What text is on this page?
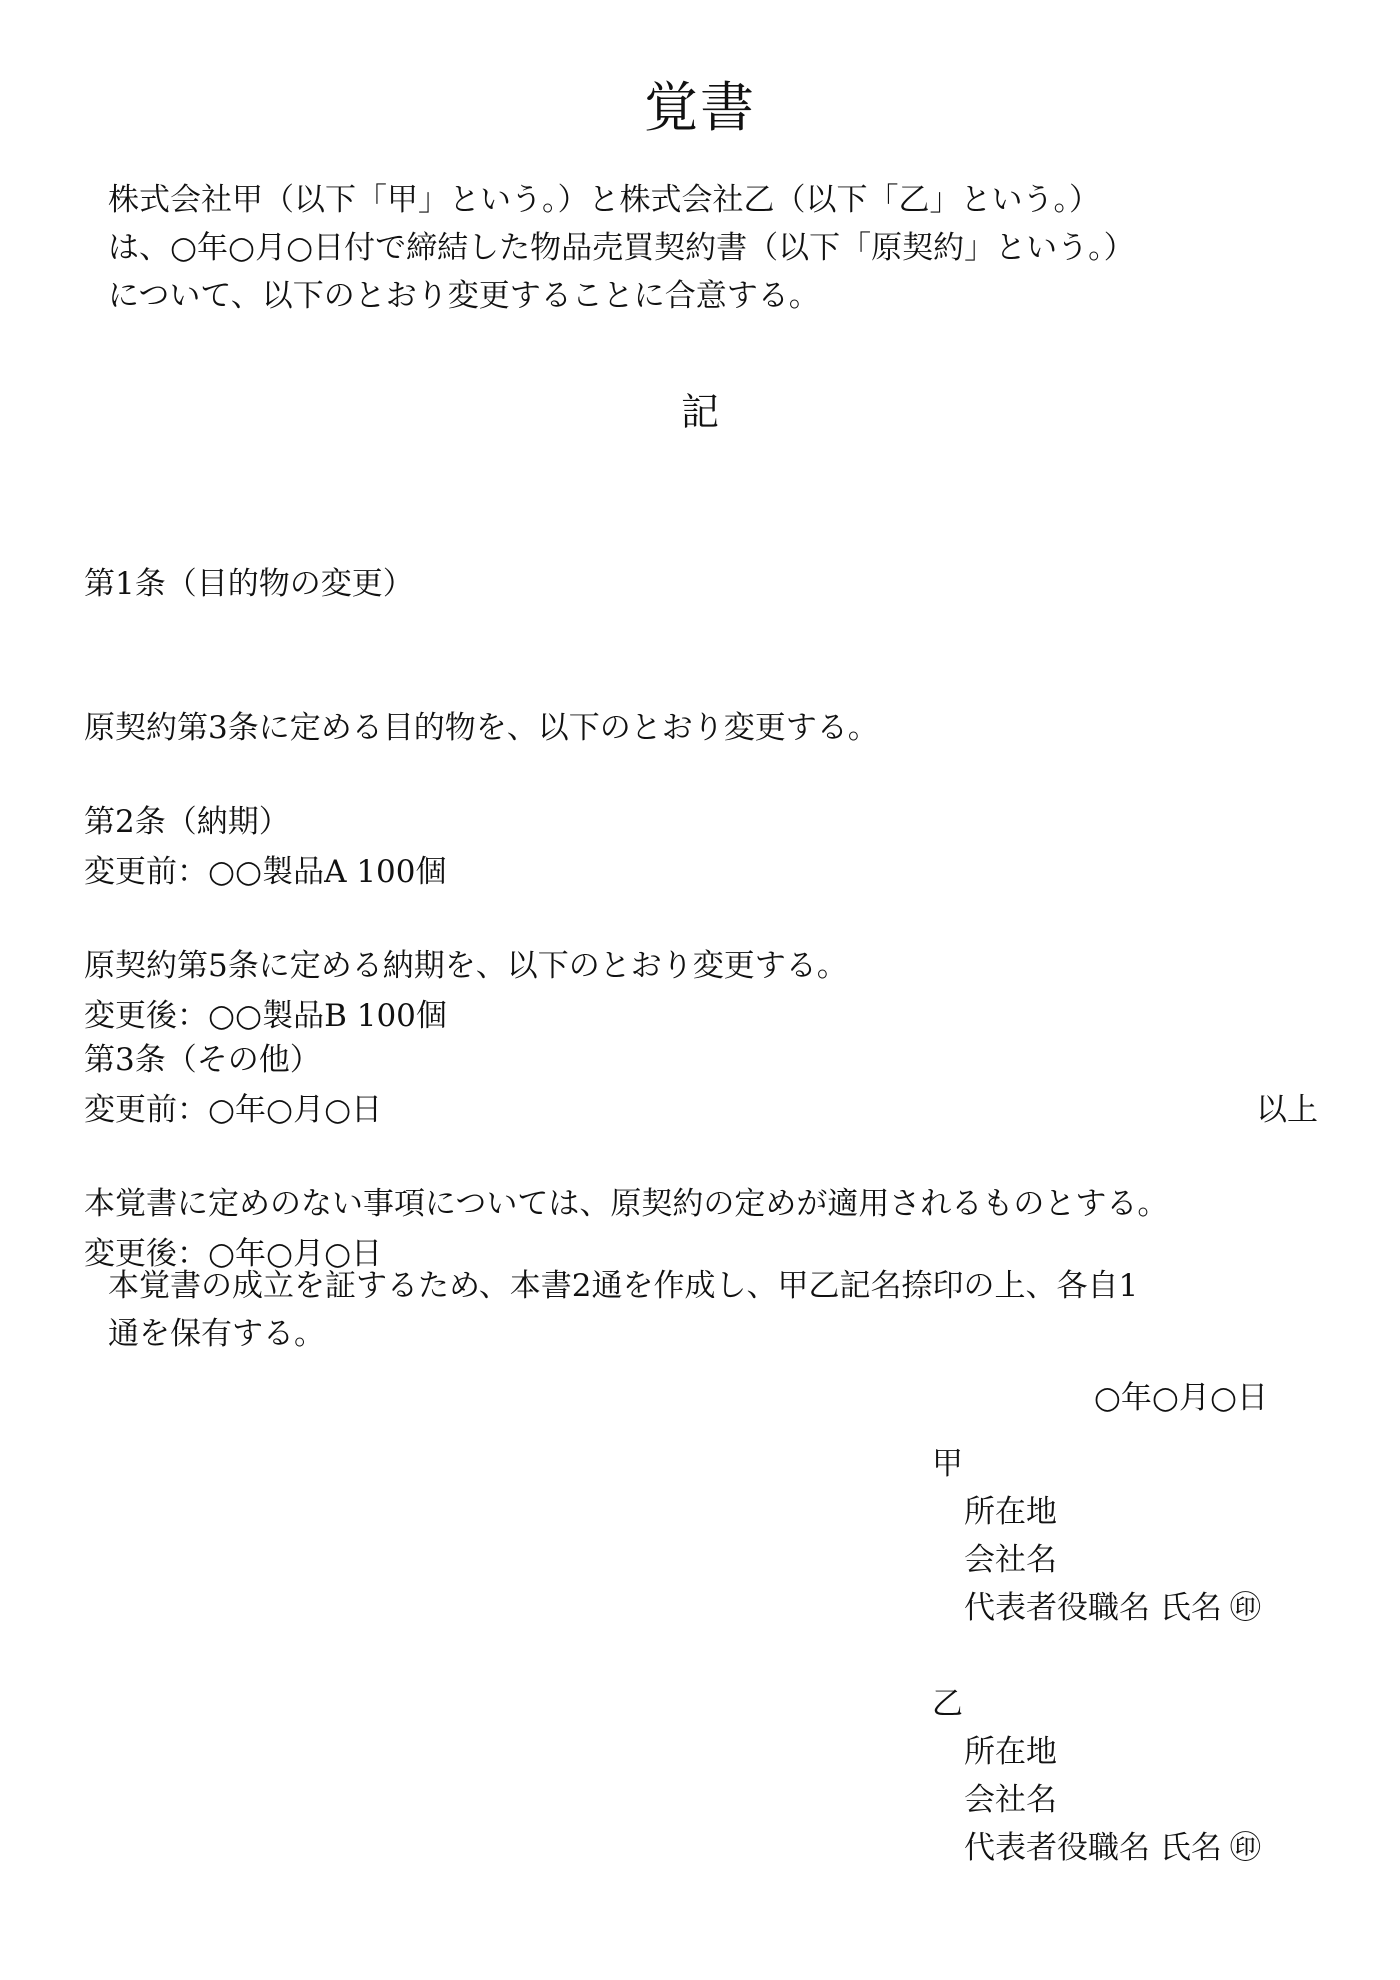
覚書
株式会社甲（以下「甲」という。）と株式会社乙（以下「乙」という。）
は、○年○月○日付で締結した物品売買契約書（以下「原契約」という。）
について、以下のとおり変更することに合意する。
記

第1条（目的物の変更）

原契約第3条に定める目的物を、以下のとおり変更する。

変更前：○○製品A 100個

変更後：○○製品B 100個

第2条（納期）

原契約第5条に定める納期を、以下のとおり変更する。

変更前：○年○月○日

変更後：○年○月○日

第3条（その他）

本覚書に定めのない事項については、原契約の定めが適用されるものとする。

以上
本覚書の成立を証するため、本書2通を作成し、甲乙記名捺印の上、各自1
通を保有する。
○年○月○日
甲
所在地
会社名
代表者役職名 氏名 ㊞
乙
所在地
会社名
代表者役職名 氏名 ㊞
